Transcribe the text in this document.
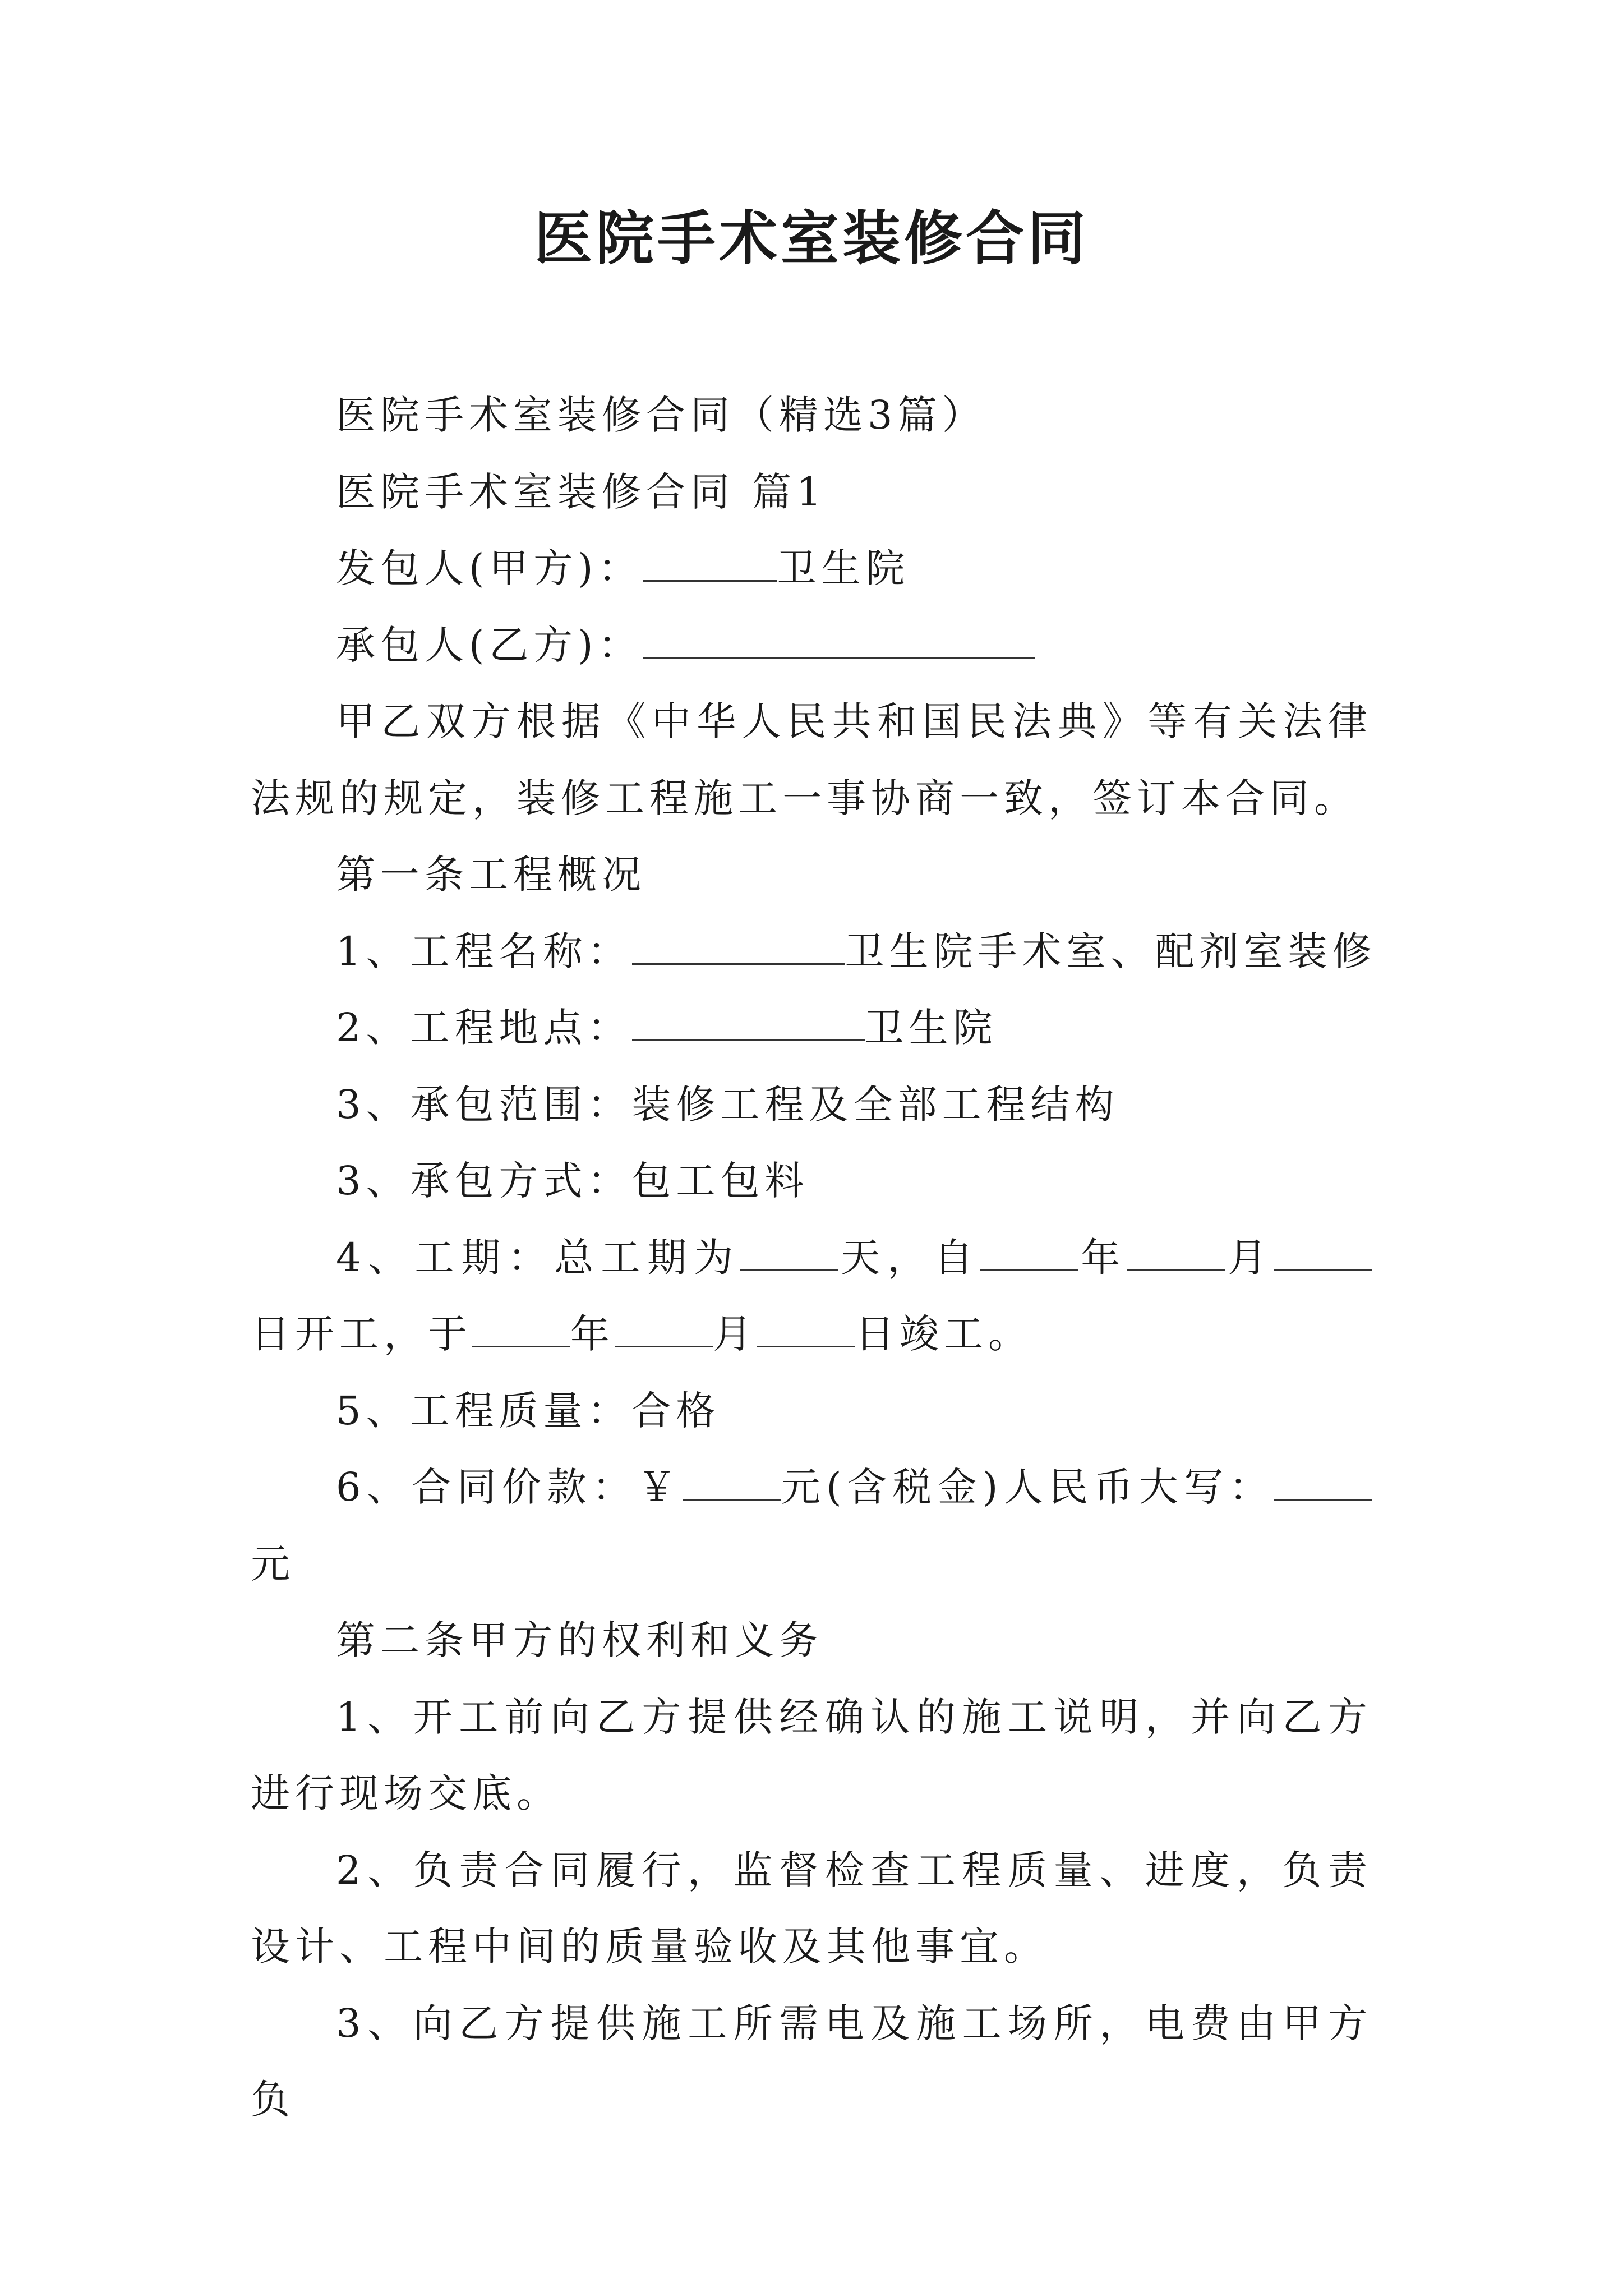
医院手术室装修合同

医院手术室装修合同（精选3篇）

医院手术室装修合同 篇1

发包人(甲方)：	卫生院

承包人(乙方)：

甲乙双方根据《中华人民共和国民法典》等有关法律法规的规定，装修工程施工一事协商一致，签订本合同。

第一条工程概况

1、工程名称：	卫生院手术室、配剂室装修

2、工程地点：	卫生院

3、承包范围：装修工程及全部工程结构

3、承包方式：包工包料

4、工期：总工期为	天，自	年	月日开工，于	年	月	日竣工。

5、工程质量：合格

6、合同价款：￥	元(含税金)人民币大写：元

第二条甲方的权利和义务

1、开工前向乙方提供经确认的施工说明，并向乙方进行现场交底。

2、负责合同履行，监督检查工程质量、进度，负责设计、工程中间的质量验收及其他事宜。

3、向乙方提供施工所需电及施工场所，电费由甲方负
